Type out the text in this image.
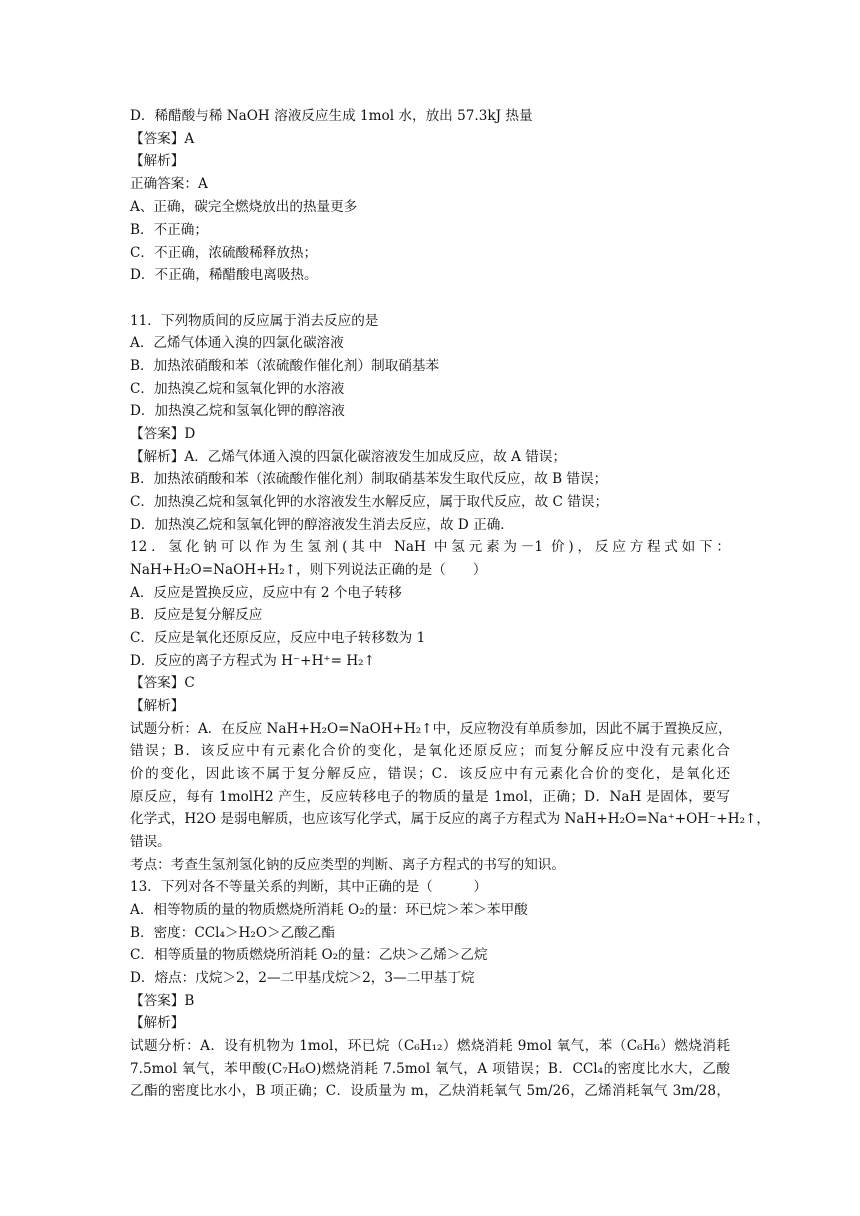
D．稀醋酸与稀 NaOH 溶液反应生成 1mol 水，放出 57.3kJ 热量
【答案】A
【解析】
正确答案：A
A、正确，碳完全燃烧放出的热量更多
B．不正确；
C．不正确，浓硫酸稀释放热；
D．不正确，稀醋酸电离吸热。
11．下列物质间的反应属于消去反应的是
A．乙烯气体通入溴的四氯化碳溶液
B．加热浓硝酸和苯（浓硫酸作催化剂）制取硝基苯
C．加热溴乙烷和氢氧化钾的水溶液
D．加热溴乙烷和氢氧化钾的醇溶液
【答案】D
【解析】A．乙烯气体通入溴的四氯化碳溶液发生加成反应，故 A 错误；
B．加热浓硝酸和苯（浓硫酸作催化剂）制取硝基苯发生取代反应，故 B 错误；
C．加热溴乙烷和氢氧化钾的水溶液发生水解反应，属于取代反应，故 C 错误；
D．加热溴乙烷和氢氧化钾的醇溶液发生消去反应，故 D 正确．
12．氢化钠可以作为生氢剂(其中 NaH 中氢元素为－1 价)，反应方程式如下：
NaH+H₂O=NaOH+H₂↑，则下列说法正确的是（　　）
A．反应是置换反应，反应中有 2 个电子转移
B．反应是复分解反应
C．反应是氧化还原反应，反应中电子转移数为 1
D．反应的离子方程式为 H⁻+H⁺= H₂↑
【答案】C
【解析】
试题分析：A．在反应 NaH+H₂O=NaOH+H₂↑中，反应物没有单质参加，因此不属于置换反应，
错误；B．该反应中有元素化合价的变化，是氧化还原反应；而复分解反应中没有元素化合
价的变化，因此该不属于复分解反应，错误；C．该反应中有元素化合价的变化，是氧化还
原反应，每有 1molH2 产生，反应转移电子的物质的量是 1mol，正确；D．NaH 是固体，要写
化学式，H2O 是弱电解质，也应该写化学式，属于反应的离子方程式为 NaH+H₂O=Na⁺+OH⁻+H₂↑，
错误。
考点：考查生氢剂氢化钠的反应类型的判断、离子方程式的书写的知识。
13．下列对各不等量关系的判断，其中正确的是（　　　）
A．相等物质的量的物质燃烧所消耗 O₂的量：环已烷＞苯＞苯甲酸
B．密度：CCl₄＞H₂O＞乙酸乙酯
C．相等质量的物质燃烧所消耗 O₂的量：乙炔＞乙烯＞乙烷
D．熔点：戊烷＞2，2—二甲基戊烷＞2，3—二甲基丁烷
【答案】B
【解析】
试题分析：A．设有机物为 1mol，环已烷（C₆H₁₂）燃烧消耗 9mol 氧气，苯（C₆H₆）燃烧消耗
7.5mol 氧气，苯甲酸(C₇H₆O)燃烧消耗 7.5mol 氧气，A 项错误；B．CCl₄的密度比水大，乙酸
乙酯的密度比水小，B 项正确；C．设质量为 m，乙炔消耗氧气 5m/26，乙烯消耗氧气 3m/28，
